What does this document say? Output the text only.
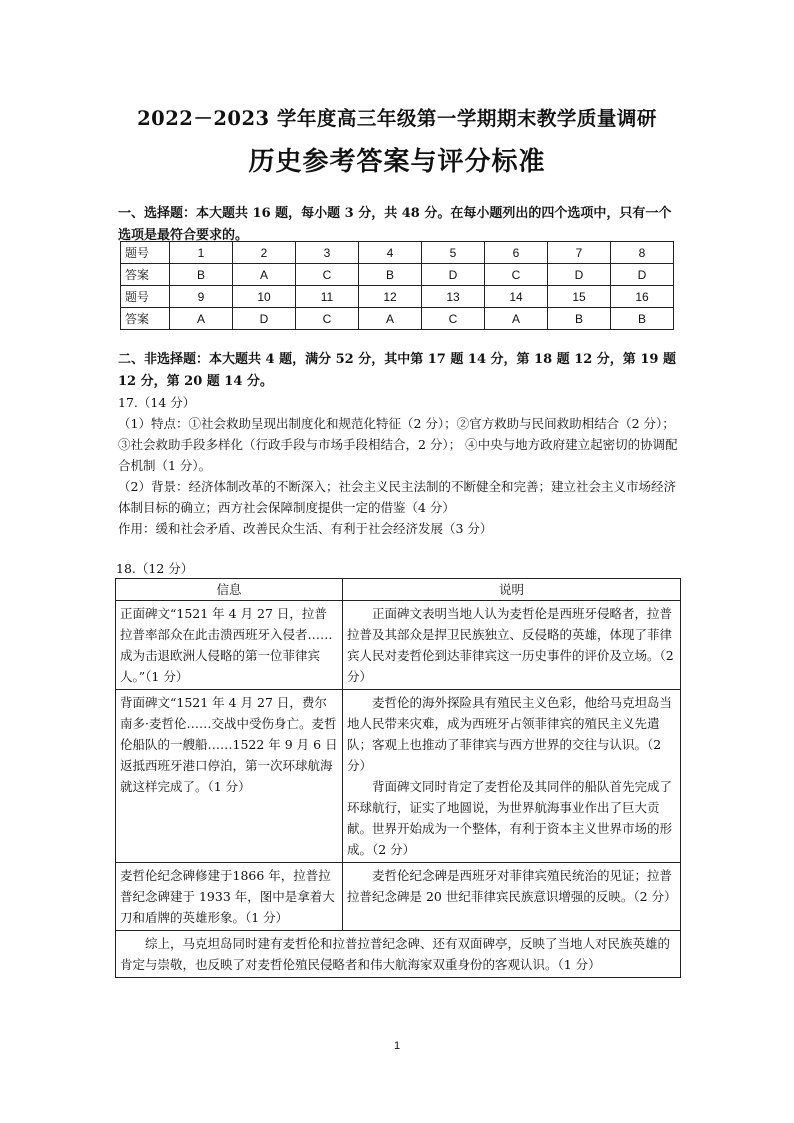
2022－2023 学年度高三年级第一学期期末教学质量调研
历史参考答案与评分标准
一、选择题：本大题共 16 题，每小题 3 分，共 48 分。在每小题列出的四个选项中，只有一个选项是最符合要求的。
题号	1	2	3	4	5	6	7	8
答案	B	A	C	B	D	C	D	D
题号	9	10	11	12	13	14	15	16
答案	A	D	C	A	C	A	B	B
二、非选择题：本大题共 4 题，满分 52 分，其中第 17 题 14 分，第 18 题 12 分，第 19 题 12 分，第 20 题 14 分。
17.（14 分）
（1）特点：①社会救助呈现出制度化和规范化特征（2 分）；②官方救助与民间救助相结合（2 分）；③社会救助手段多样化（行政手段与市场手段相结合，2 分）； ④中央与地方政府建立起密切的协调配合机制（1 分）。
（2）背景：经济体制改革的不断深入；社会主义民主法制的不断健全和完善；建立社会主义市场经济体制目标的确立；西方社会保障制度提供一定的借鉴（4 分）
作用：缓和社会矛盾、改善民众生活、有利于社会经济发展（3 分）
18.（12 分）
信息	说明
正面碑文“1521 年 4 月 27 日，拉普拉普率部众在此击溃西班牙入侵者……成为击退欧洲人侵略的第一位菲律宾人。”（1 分）	正面碑文表明当地人认为麦哲伦是西班牙侵略者，拉普拉普及其部众是捍卫民族独立、反侵略的英雄，体现了菲律宾人民对麦哲伦到达菲律宾这一历史事件的评价及立场。（2 分）
背面碑文“1521 年 4 月 27 日，费尔南多·麦哲伦……交战中受伤身亡。麦哲伦船队的一艘船……1522 年 9 月 6 日返抵西班牙港口停泊，第一次环球航海就这样完成了。（1 分）	麦哲伦的海外探险具有殖民主义色彩，他给马克坦岛当地人民带来灾难，成为西班牙占领菲律宾的殖民主义先遣队；客观上也推动了菲律宾与西方世界的交往与认识。（2 分）
背面碑文同时肯定了麦哲伦及其同伴的船队首先完成了环球航行，证实了地圆说，为世界航海事业作出了巨大贡献。世界开始成为一个整体，有利于资本主义世界市场的形成。（2 分）

麦哲伦纪念碑修建于1866 年，拉普拉普纪念碑建于 1933 年，图中是拿着大刀和盾牌的英雄形象。（1 分）	麦哲伦纪念碑是西班牙对菲律宾殖民统治的见证；拉普拉普纪念碑是 20 世纪菲律宾民族意识增强的反映。（2 分）
综上，马克坦岛同时建有麦哲伦和拉普拉普纪念碑、还有双面碑亭，反映了当地人对民族英雄的肯定与崇敬，也反映了对麦哲伦殖民侵略者和伟大航海家双重身份的客观认识。（1 分）	
1
